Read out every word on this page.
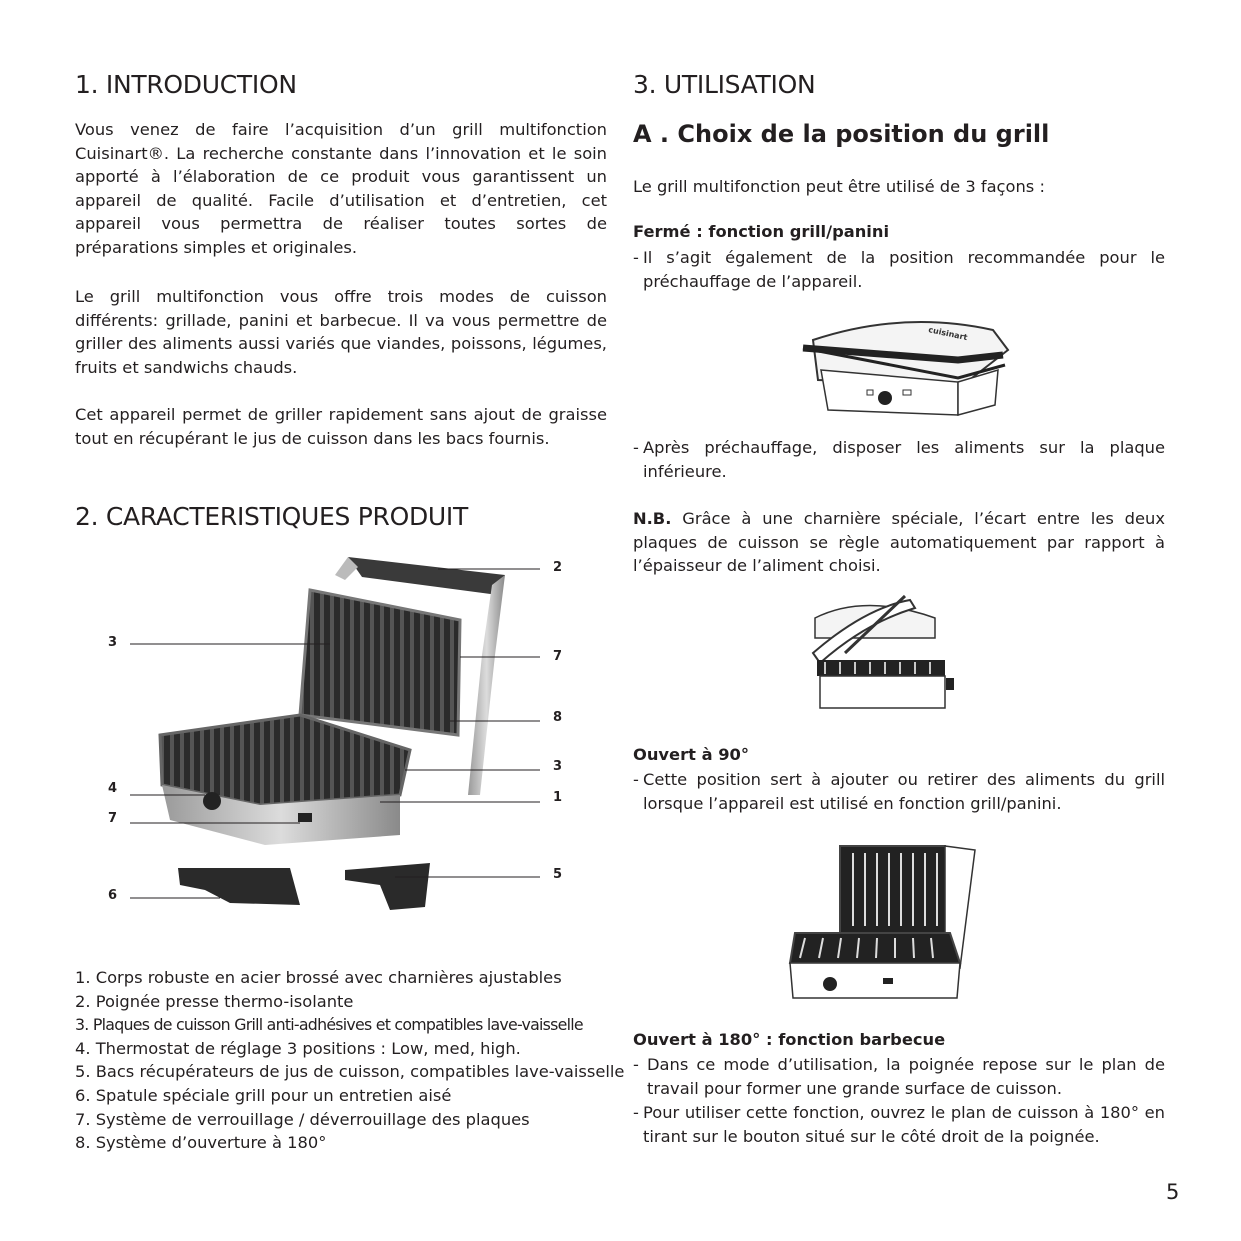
1. INTRODUCTION

Vous venez de faire l’acquisition d’un grill multifonction Cuisinart®. La recherche constante dans l’innovation et le soin apporté à l’élaboration de ce produit vous garantissent un appareil de qualité. Facile d’utilisation et d’entretien, cet appareil vous permettra de réaliser toutes sortes de préparations simples et originales.

Le grill multifonction vous offre trois modes de cuisson différents: grillade, panini et barbecue. Il va vous permettre de griller des aliments aussi variés que viandes, poissons, légumes, fruits et sandwichs chauds.

Cet appareil permet de griller rapidement sans ajout de graisse tout en récupérant le jus de cuisson dans les bacs fournis.

2. CARACTERISTIQUES PRODUIT
1. Corps robuste en acier brossé avec charnières ajustables
2. Poignée presse thermo-isolante
3. Plaques de cuisson Grill anti-adhésives et compatibles lave-vaisselle
4. Thermostat de réglage 3 positions : Low, med, high.
5. Bacs récupérateurs de jus de cuisson, compatibles lave-vaisselle
6. Spatule spéciale grill pour un entretien aisé
7. Système de verrouillage / déverrouillage des plaques
8. Système d’ouverture à 180°
2
7
8
3
1
5
3
4
7
6
3. UTILISATION
A . Choix de la position du grill

Le grill multifonction peut être utilisé de 3 façons :

Fermé : fonction grill/panini
- Il s’agit également de la position recommandée pour le préchauffage de l’appareil.
- Après préchauffage, disposer les aliments sur la plaque inférieure.

N.B. Grâce à une charnière spéciale, l’écart entre les deux plaques de cuisson se règle automatiquement par rapport à l’épaisseur de l’aliment choisi.

Ouvert à 90°
- Cette position sert à ajouter ou retirer des aliments du grill lorsque l’appareil est utilisé en fonction grill/panini.
Ouvert à 180° : fonction barbecue
- Dans ce mode d’utilisation, la poignée repose sur le plan de travail pour former une grande surface de cuisson.
- Pour utiliser cette fonction, ouvrez le plan de cuisson à 180° en tirant sur le bouton situé sur le côté droit de la poignée.
cuisinart
5
